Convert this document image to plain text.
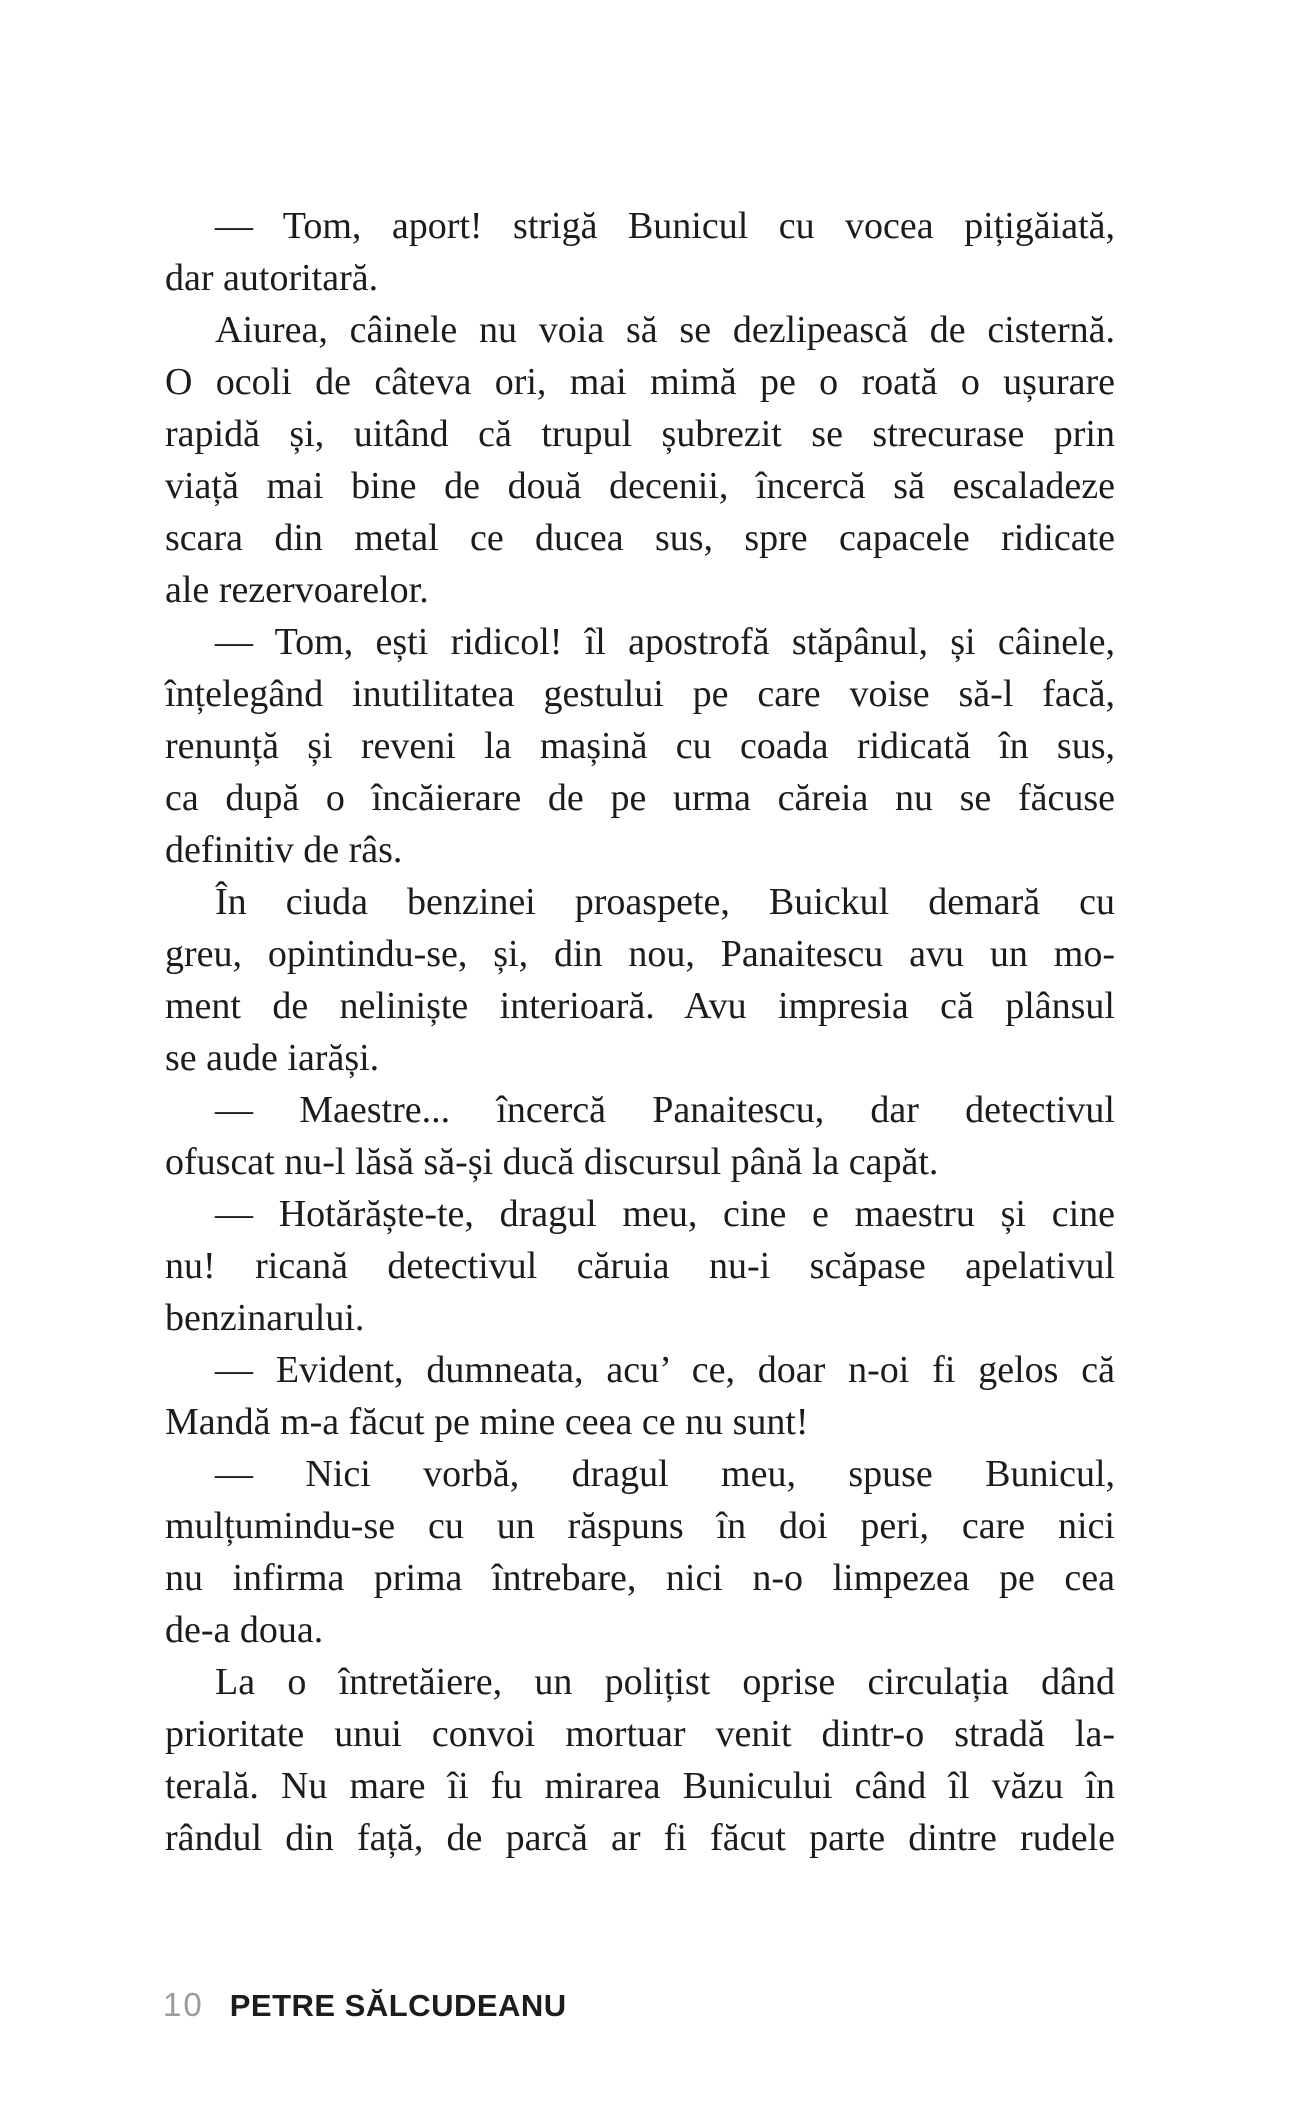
— Tom, aport! strigă Bunicul cu vocea pițigăiată,
dar autoritară.
Aiurea, câinele nu voia să se dezlipească de cisternă.
O ocoli de câteva ori, mai mimă pe o roată o ușurare
rapidă și, uitând că trupul șubrezit se strecurase prin
viață mai bine de două decenii, încercă să escaladeze
scara din metal ce ducea sus, spre capacele ridicate
ale rezervoarelor.
— Tom, ești ridicol! îl apostrofă stăpânul, și câinele,
înțelegând inutilitatea gestului pe care voise să-l facă,
renunță și reveni la mașină cu coada ridicată în sus,
ca după o încăierare de pe urma căreia nu se făcuse
definitiv de râs.
În ciuda benzinei proaspete, Buickul demară cu
greu, opintindu-se, și, din nou, Panaitescu avu un mo-
ment de neliniște interioară. Avu impresia că plânsul
se aude iarăși.
— Maestre... încercă Panaitescu, dar detectivul
ofuscat nu-l lăsă să-și ducă discursul până la capăt.
— Hotărăște-te, dragul meu, cine e maestru și cine
nu! ricană detectivul căruia nu-i scăpase apelativul
benzinarului.
— Evident, dumneata, acu’ ce, doar n-oi fi gelos că
Mandă m-a făcut pe mine ceea ce nu sunt!
— Nici vorbă, dragul meu, spuse Bunicul,
mulțumindu-se cu un răspuns în doi peri, care nici
nu infirma prima întrebare, nici n-o limpezea pe cea
de-a doua.
La o întretăiere, un polițist oprise circulația dând
prioritate unui convoi mortuar venit dintr-o stradă la-
terală. Nu mare îi fu mirarea Bunicului când îl văzu în
rândul din față, de parcă ar fi făcut parte dintre rudele
10 PETRE SĂLCUDEANU
